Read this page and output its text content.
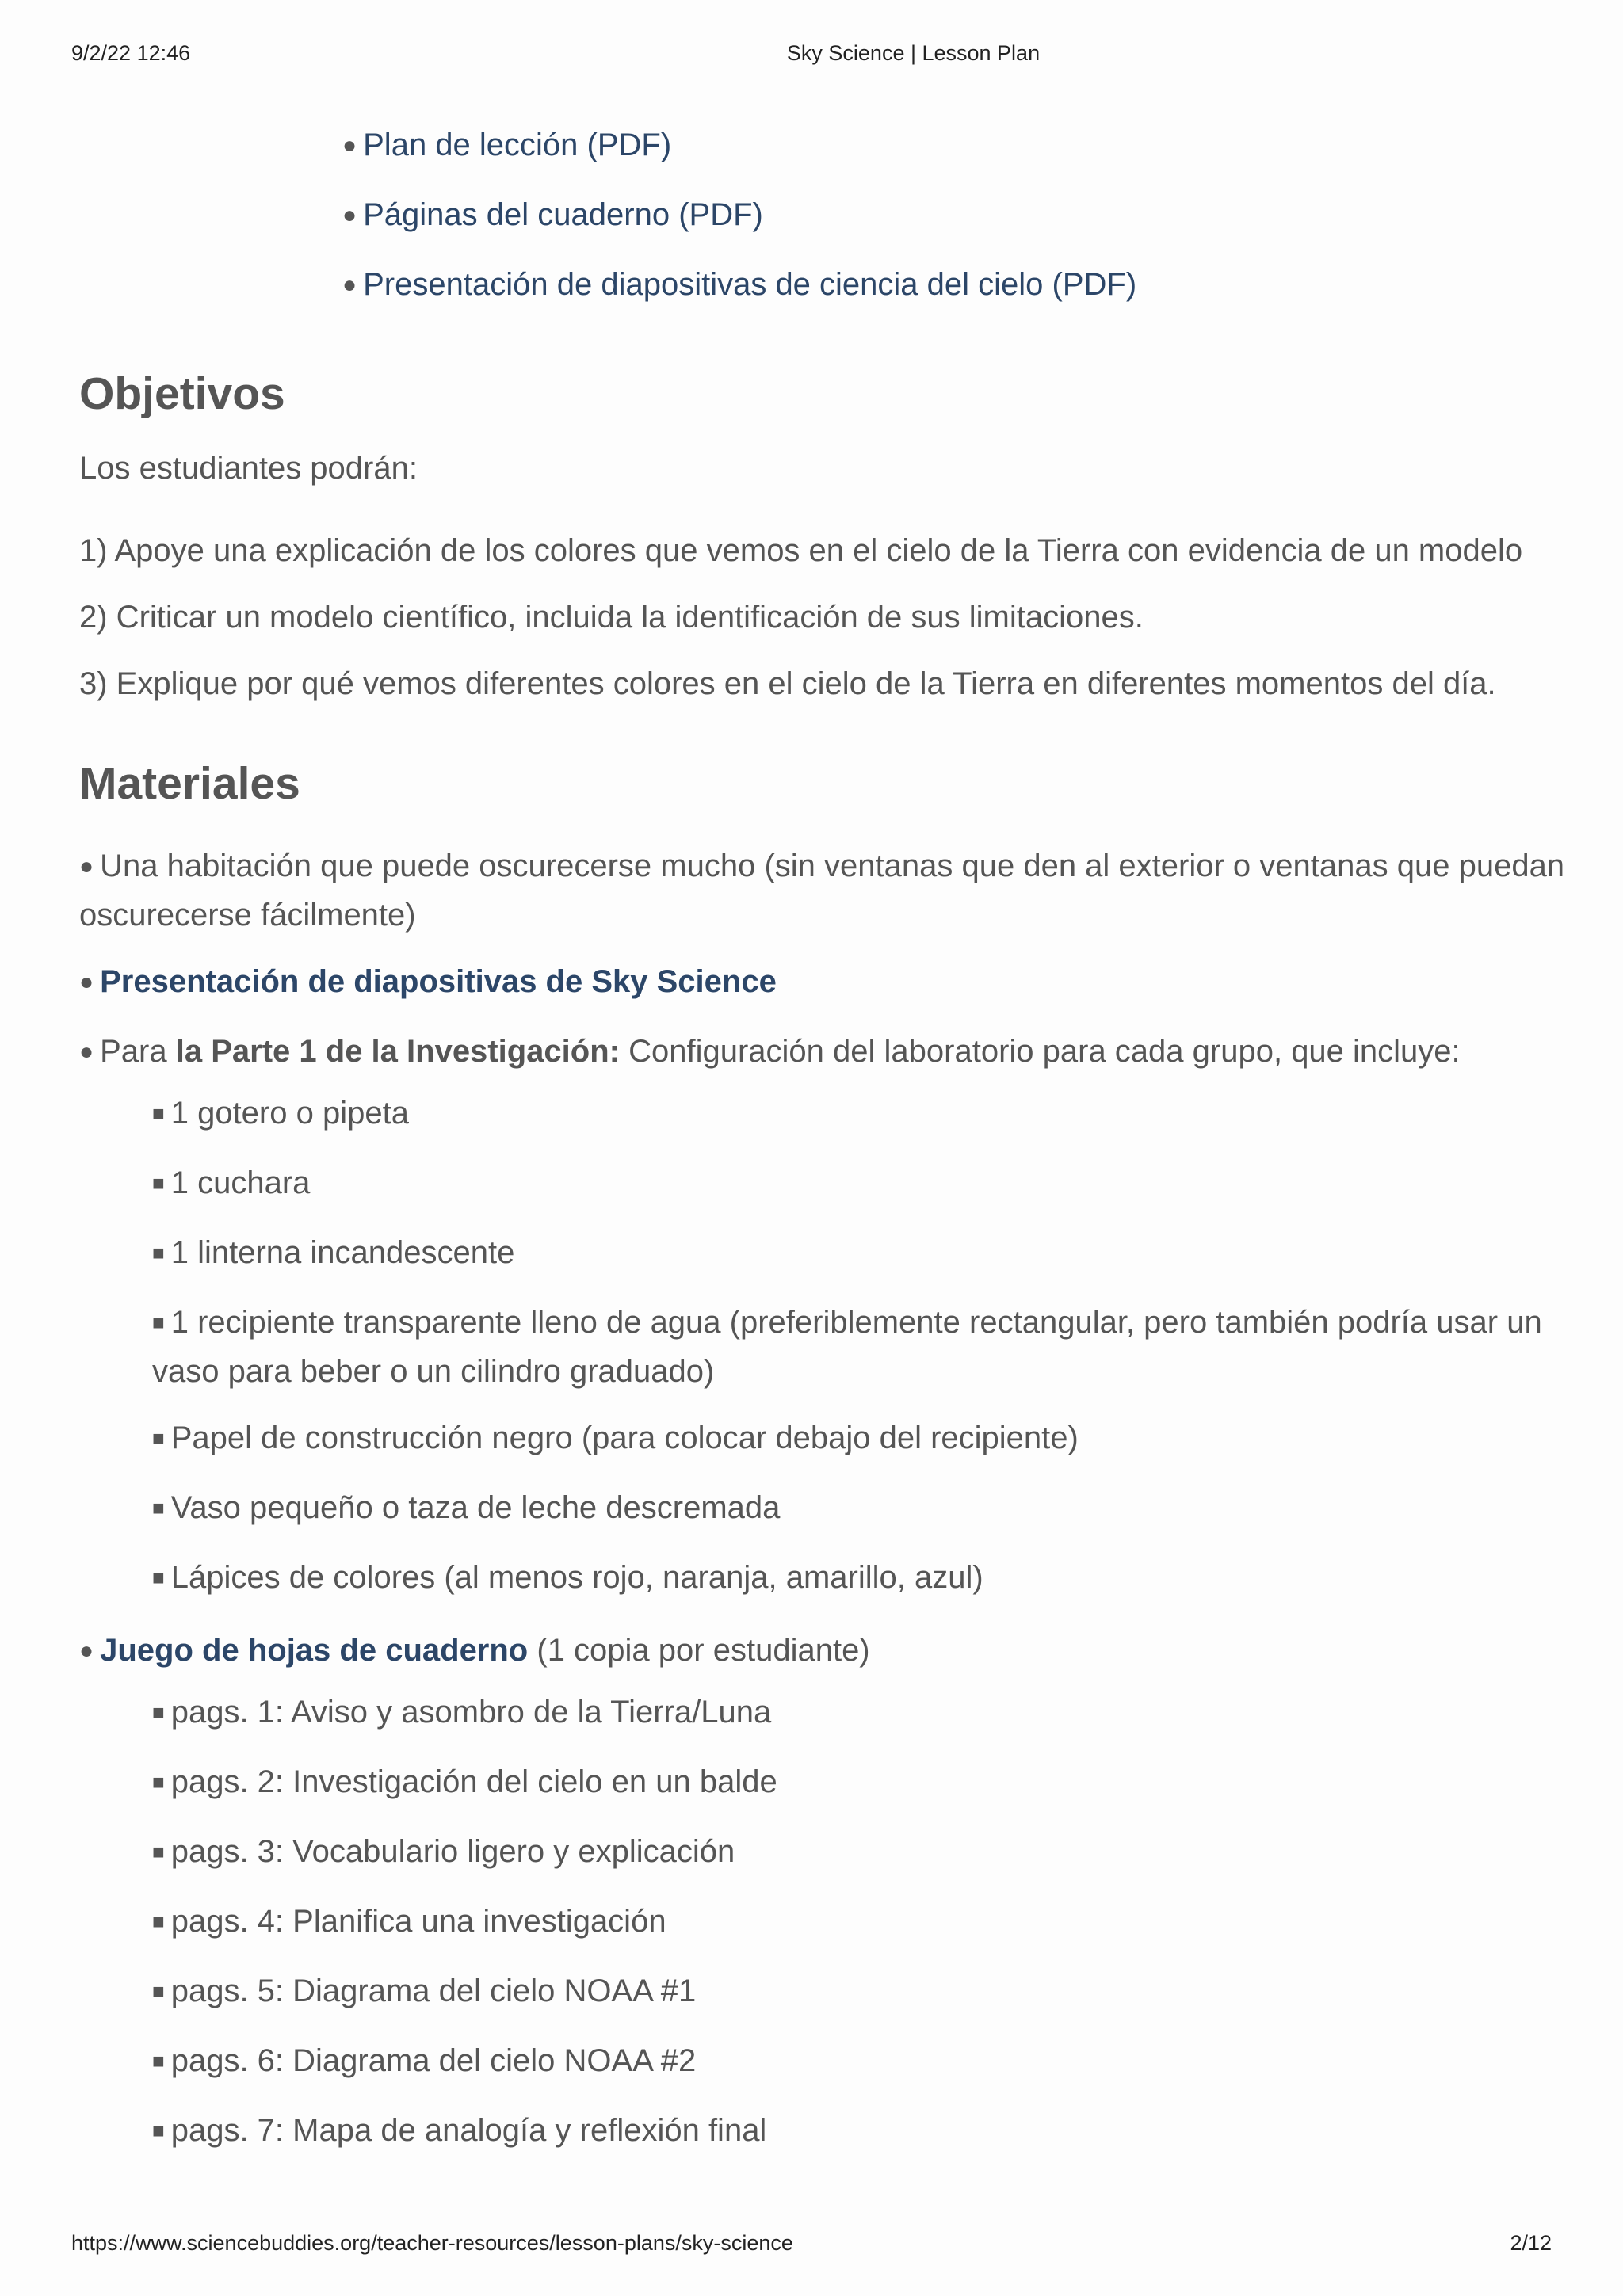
9/2/22 12:46	Sky Science | Lesson Plan
● Plan de lección (PDF)
● Páginas del cuaderno (PDF)
● Presentación de diapositivas de ciencia del cielo (PDF)
Objetivos

Los estudiantes podrán:

1) Apoye una explicación de los colores que vemos en el cielo de la Tierra con evidencia de un modelo

2) Criticar un modelo científico, incluida la identificación de sus limitaciones.

3) Explique por qué vemos diferentes colores en el cielo de la Tierra en diferentes momentos del día.

Materiales
● Una habitación que puede oscurecerse mucho (sin ventanas que den al exterior o ventanas que puedan oscurecerse fácilmente)
● Presentación de diapositivas de Sky Science
● Para la Parte 1 de la Investigación: Configuración del laboratorio para cada grupo, que incluye:
■ 1 gotero o pipeta
■ 1 cuchara
■ 1 linterna incandescente
■ 1 recipiente transparente lleno de agua (preferiblemente rectangular, pero también podría usar un vaso para beber o un cilindro graduado)
■ Papel de construcción negro (para colocar debajo del recipiente)
■ Vaso pequeño o taza de leche descremada
■ Lápices de colores (al menos rojo, naranja, amarillo, azul)
● Juego de hojas de cuaderno (1 copia por estudiante)
■ pags. 1: Aviso y asombro de la Tierra/Luna
■ pags. 2: Investigación del cielo en un balde
■ pags. 3: Vocabulario ligero y explicación
■ pags. 4: Planifica una investigación
■ pags. 5: Diagrama del cielo NOAA #1
■ pags. 6: Diagrama del cielo NOAA #2
■ pags. 7: Mapa de analogía y reflexión final
https://www.sciencebuddies.org/teacher-resources/lesson-plans/sky-science	2/12
